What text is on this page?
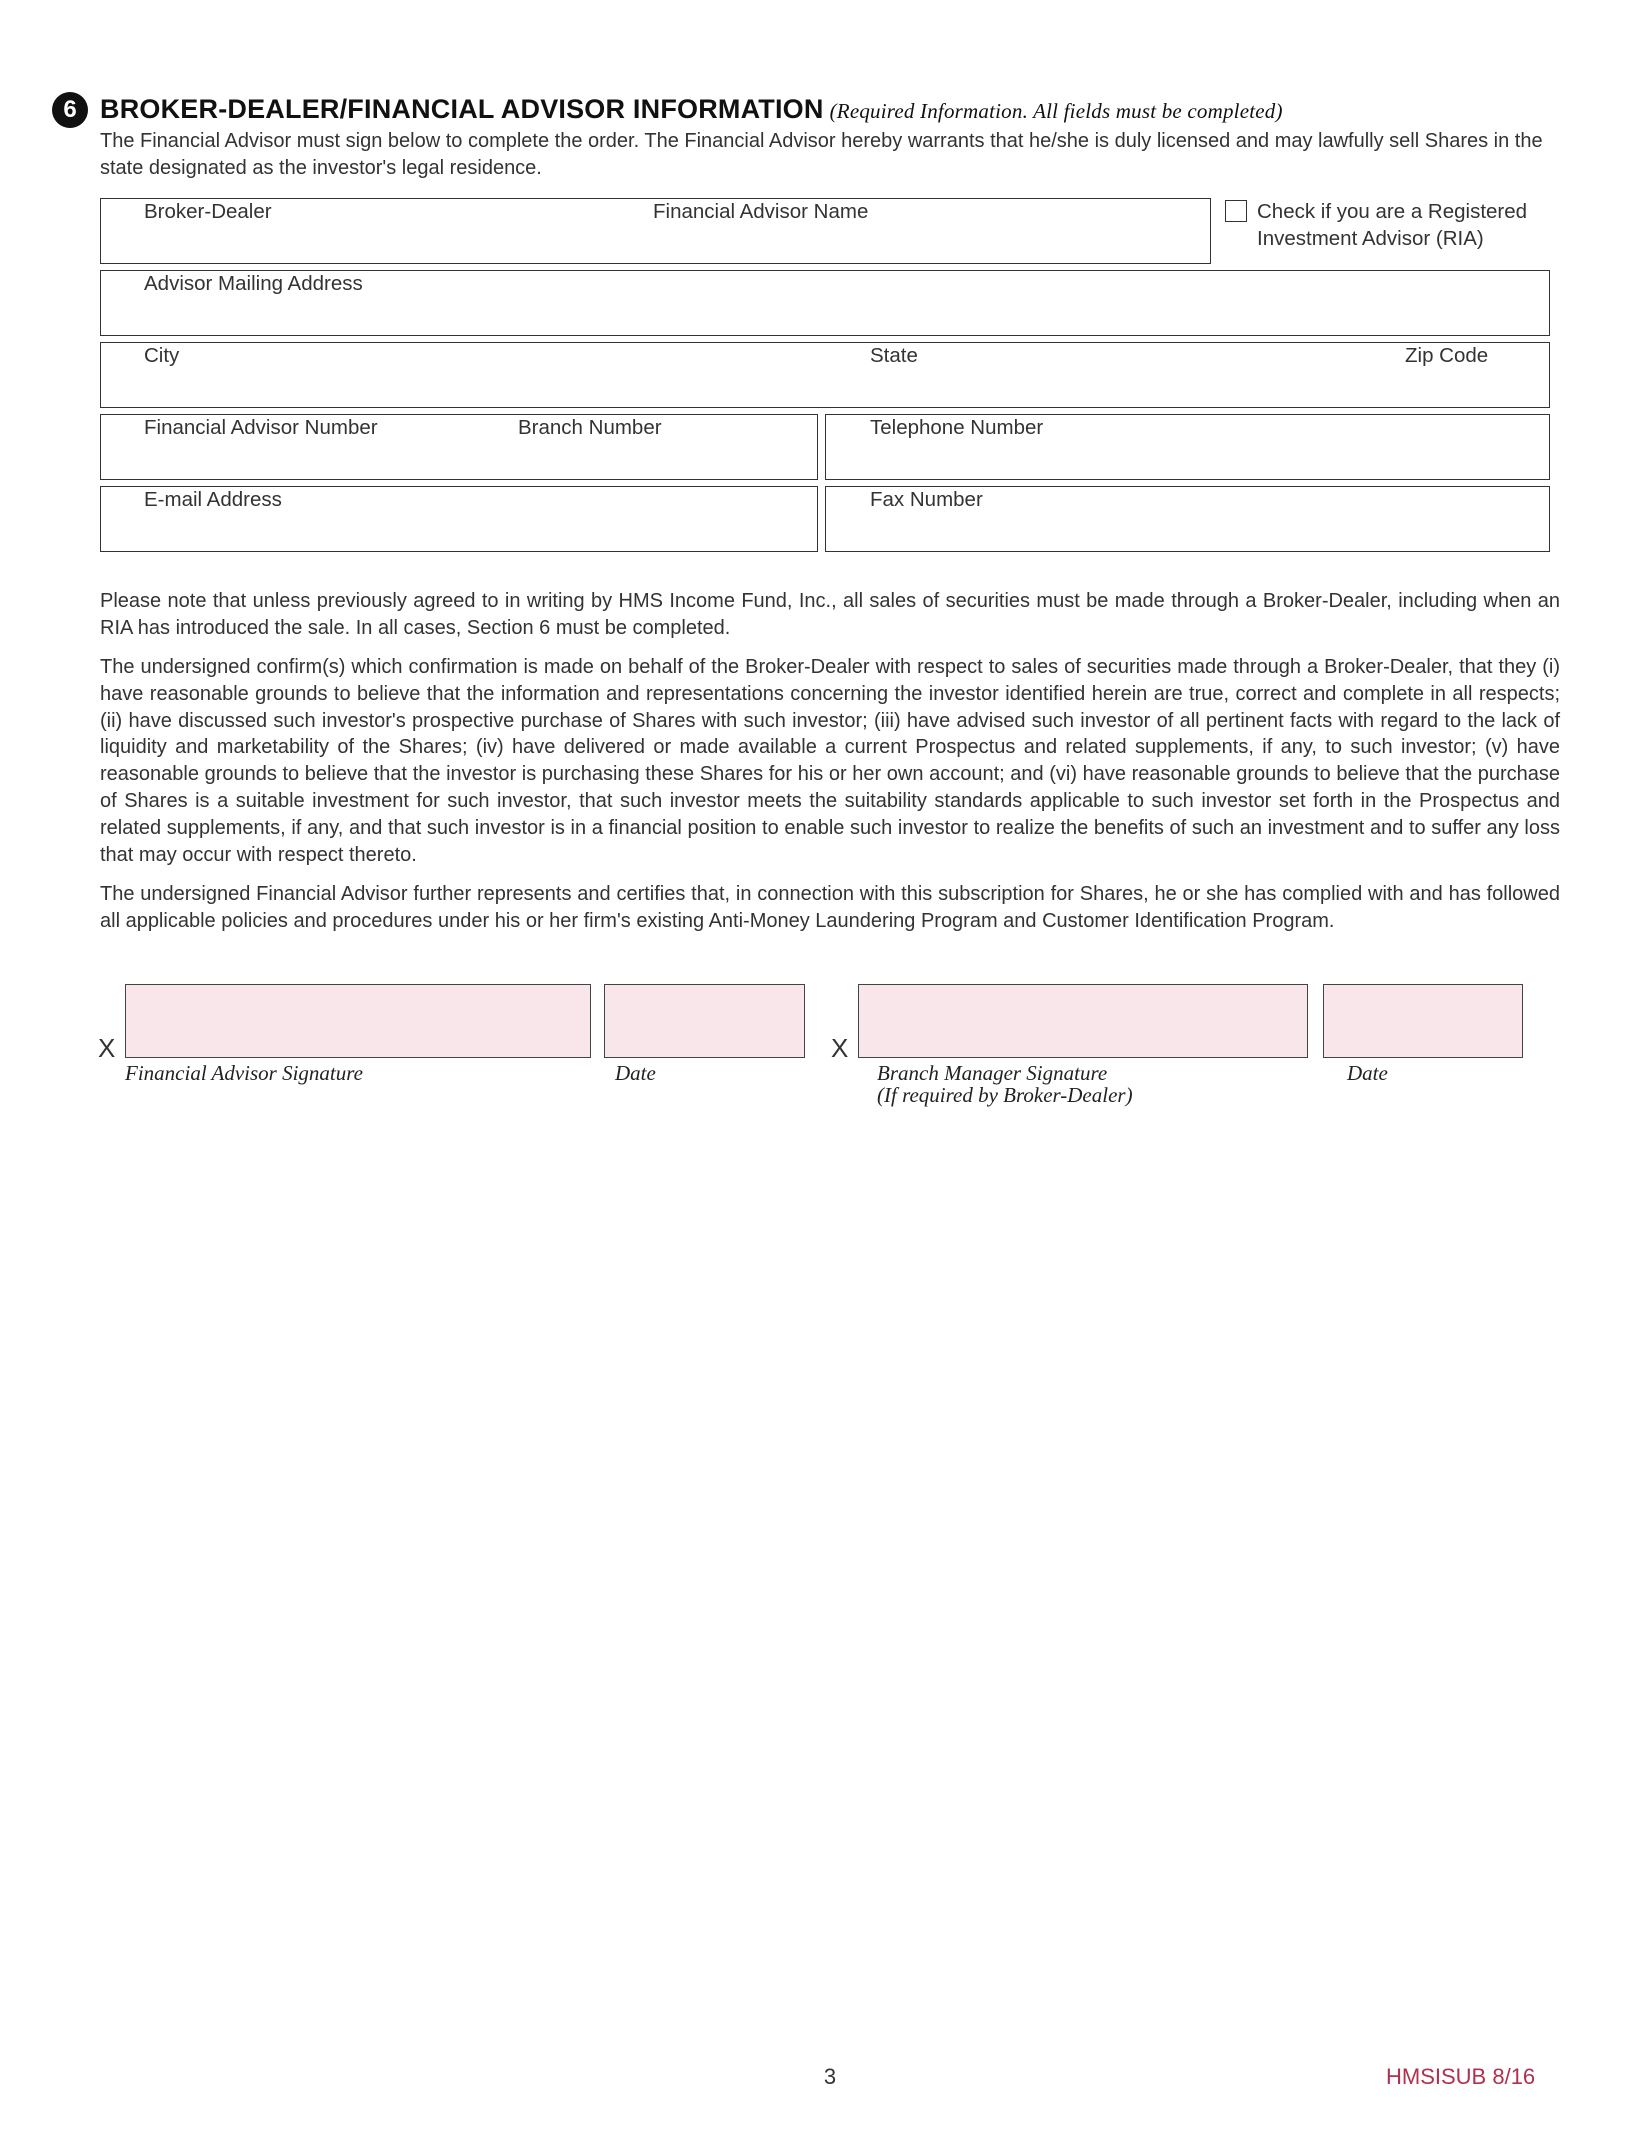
6 BROKER-DEALER/FINANCIAL ADVISOR INFORMATION (Required Information. All fields must be completed)
The Financial Advisor must sign below to complete the order. The Financial Advisor hereby warrants that he/she is duly licensed and may lawfully sell Shares in the state designated as the investor's legal residence.
Broker-Dealer	Financial Advisor Name	Check if you are a Registered Investment Advisor (RIA)
Advisor Mailing Address
City	State	Zip Code
Financial Advisor Number	Branch Number	Telephone Number
E-mail Address	Fax Number
Please note that unless previously agreed to in writing by HMS Income Fund, Inc., all sales of securities must be made through a Broker-Dealer, including when an RIA has introduced the sale. In all cases, Section 6 must be completed.
The undersigned confirm(s) which confirmation is made on behalf of the Broker-Dealer with respect to sales of securities made through a Broker-Dealer, that they (i) have reasonable grounds to believe that the information and representations concerning the investor identified herein are true, correct and complete in all respects; (ii) have discussed such investor's prospective purchase of Shares with such investor; (iii) have advised such investor of all pertinent facts with regard to the lack of liquidity and marketability of the Shares; (iv) have delivered or made available a current Prospectus and related supplements, if any, to such investor; (v) have reasonable grounds to believe that the investor is purchasing these Shares for his or her own account; and (vi) have reasonable grounds to believe that the purchase of Shares is a suitable investment for such investor, that such investor meets the suitability standards applicable to such investor set forth in the Prospectus and related supplements, if any, and that such investor is in a financial position to enable such investor to realize the benefits of such an investment and to suffer any loss that may occur with respect thereto.
The undersigned Financial Advisor further represents and certifies that, in connection with this subscription for Shares, he or she has complied with and has followed all applicable policies and procedures under his or her firm's existing Anti-Money Laundering Program and Customer Identification Program.
X
Financial Advisor Signature	Date
X
Branch Manager Signature
(If required by Broker-Dealer)
Date
3	HMSISUB 8/16
